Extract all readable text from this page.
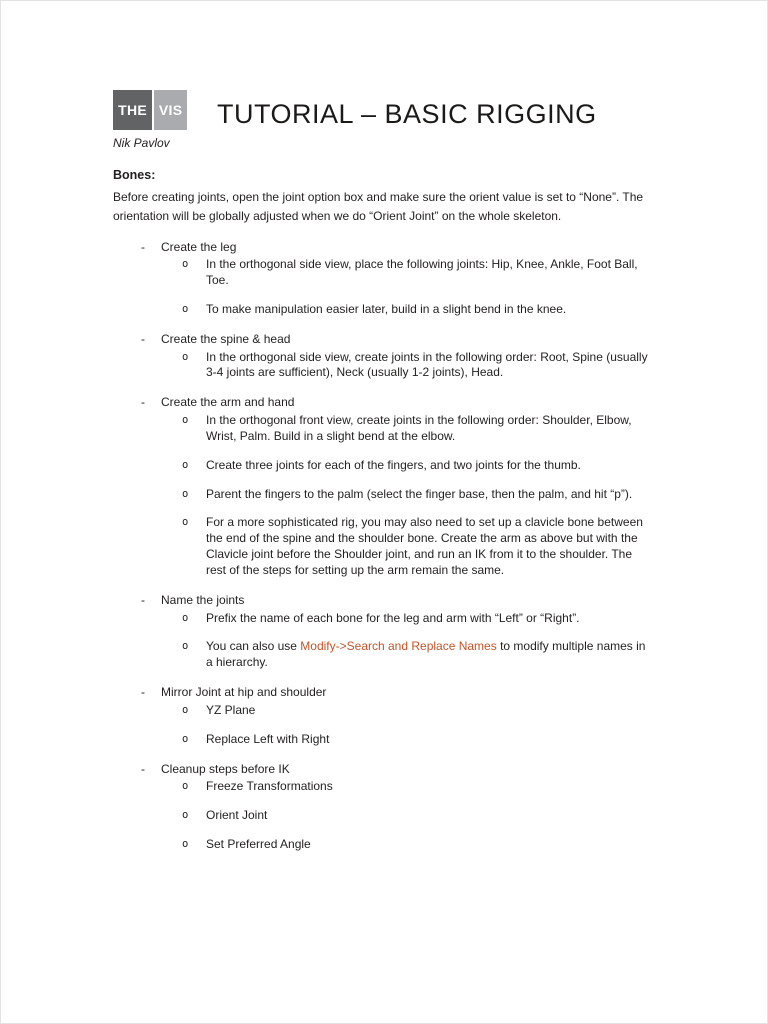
THE VIS
Nik Pavlov
TUTORIAL – BASIC RIGGING
Bones:
Before creating joints, open the joint option box and make sure the orient value is set to “None”. The orientation will be globally adjusted when we do “Orient Joint” on the whole skeleton.
-	Create the leg
o	In the orthogonal side view, place the following joints: Hip, Knee, Ankle, Foot Ball, Toe.
o	To make manipulation easier later, build in a slight bend in the knee.
-	Create the spine & head
o	In the orthogonal side view, create joints in the following order: Root, Spine (usually 3-4 joints are sufficient), Neck (usually 1-2 joints), Head.
-	Create the arm and hand
o	In the orthogonal front view, create joints in the following order: Shoulder, Elbow, Wrist, Palm. Build in a slight bend at the elbow.
o	Create three joints for each of the fingers, and two joints for the thumb.
o	Parent the fingers to the palm (select the finger base, then the palm, and hit “p”).
o	For a more sophisticated rig, you may also need to set up a clavicle bone between the end of the spine and the shoulder bone. Create the arm as above but with the Clavicle joint before the Shoulder joint, and run an IK from it to the shoulder. The rest of the steps for setting up the arm remain the same.
-	Name the joints
o	Prefix the name of each bone for the leg and arm with “Left” or “Right”.
o	You can also use Modify->Search and Replace Names to modify multiple names in a hierarchy.
-	Mirror Joint at hip and shoulder
o	YZ Plane
o	Replace Left with Right
-	Cleanup steps before IK
o	Freeze Transformations
o	Orient Joint
o	Set Preferred Angle
